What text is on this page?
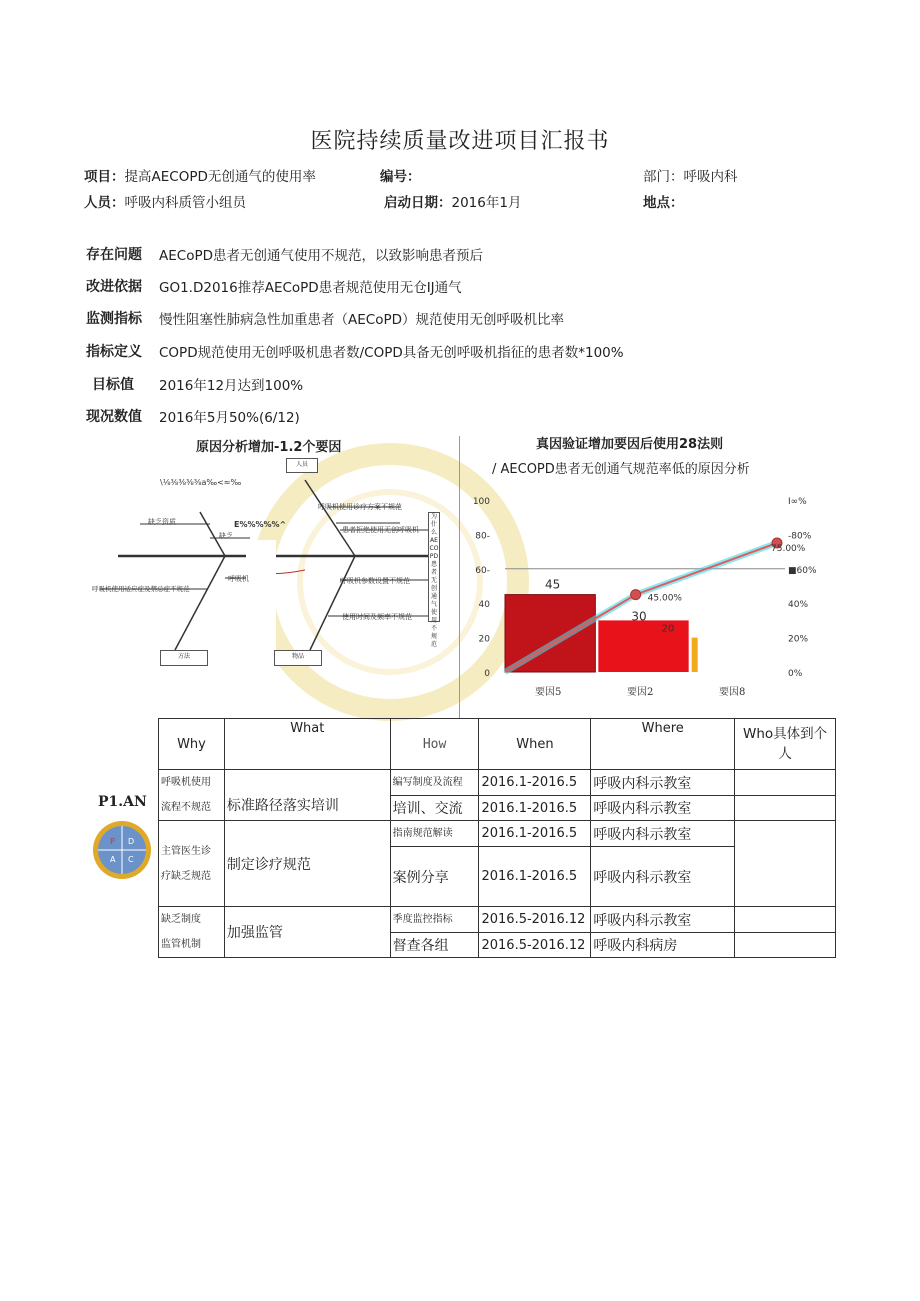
医院持续质量改进项目汇报书
项目：提高AECOPD无创通气的使用率	编号：	部门：呼吸内科
人员：呼吸内科质管小组员	启动日期：2016年1月	地点：
存在问题 AECoPD患者无创通气使用不规范，以致影响患者预后
改进依据 GO1.D2016推荐AECoPD患者规范使用无仓IJ通气
监测指标 慢性阻塞性肺病急性加重患者（AECoPD）规范使用无创呼吸机比率
指标定义 COPD规范使用无创呼吸机患者数/COPD具备无创呼吸机指征的患者数*100%
目标值 2016年12月达到100%
现况数值 2016年5月50%(6/12)
原因分析增加-1.2个要因
\⅛⅜⅜⅜⅜a‰<≈‰
人员
方法	物品
为什么AECOPD患者无创通气使用不规范
缺乏资质
呼吸机使用诊疗方案不规范
患者拒绝使用无创呼吸机
呼吸机参数设置不规范
使用时间及频率不规范
呼吸机使用适应症及禁忌症不规范
缺乏
呼吸机
E%%%%%^
真因验证增加要因后使用28法则
/ AECOPD患者无创通气规范率低的原因分析
0
20
40
60-
80-
100
0%
20%
40%
■60%
-80%
I∞%
45
30
20
45.00%
75.00%
要因5	要因2	要因8
P1.AN
P D
A C
Why	What	How	When	Where	Who具体到个人

呼吸机使用
流程不规范	标准路径落实培训	编写制度及流程	2016.1-2016.5	呼吸内科示教室	
		培训、交流	2016.1-2016.5	呼吸内科示教室	

主管医生诊
疗缺乏规范	制定诊疗规范	指南规范解读	2016.1-2016.5	呼吸内科示教室	
		案例分享	2016.1-2016.5	呼吸内科示教室	

缺乏制度
监管机制	加强监管	季度监控指标	2016.5-2016.12	呼吸内科示教室	
		督查各组	2016.5-2016.12	呼吸内科病房	
